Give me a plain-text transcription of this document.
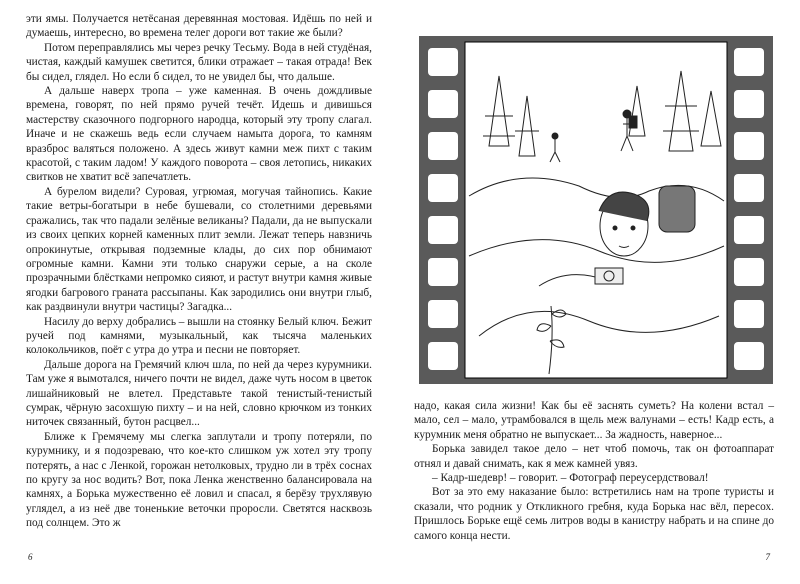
эти ямы. Получается нетёсаная деревянная мостовая. Идёшь по ней и думаешь, интересно, во времена телег дороги вот такие же были?

Потом переправлялись мы через речку Тесьму. Вода в ней студёная, чистая, каждый камушек светится, блики отражает – такая отрада! Век бы сидел, глядел. Но если б сидел, то не увидел бы, что дальше.

А дальше наверх тропа – уже каменная. В очень дождливые времена, говорят, по ней прямо ручей течёт. Идешь и дивишься мастерству сказочного подгорного народца, который эту тропу слагал. Иначе и не скажешь ведь если случаем намыта дорога, то камням вразброс валяться положено. А здесь живут камни меж пихт с таким красотой, с таким ладом! У каждого поворота – своя летопись, никаких свитков не хватит всё запечатлеть.

А бурелом видели? Суровая, угрюмая, могучая тайнопись. Какие такие ветры-богатыри в небе бушевали, со столетними деревьями сражались, так что падали зелёные великаны? Падали, да не выпускали из своих цепких корней каменных плит земли. Лежат теперь навзничь опрокинутые, открывая подземные клады, до сих пор обнимают огромные камни. Камни эти только снаружи серые, а на сколе прозрачными блёстками непромко сияют, и растут внутри камня живые ягодки багрового граната рассыпаны. Как зародились они внутри глыб, как раздвинули внутри частицы? Загадка...

Насилу до верху добрались – вышли на стоянку Белый ключ. Бежит ручей под камнями, музыкальный, как тысяча маленьких колокольчиков, поёт с утра до утра и песни не повторяет.

Дальше дорога на Гремячий ключ шла, по ней да через курумники. Там уже я вымотался, ничего почти не видел, даже чуть носом в цветок лишайниковый не влетел. Представьте такой тенистый-тенистый сумрак, чёрную засохшую пихту – и на ней, словно крючком из тонких ниточек связанный, бутон расцвел...

Ближе к Гремячему мы слегка заплутали и тропу потеряли, по курумнику, и я подозреваю, что кое-кто слишком уж хотел эту тропу потерять, а нас с Ленкой, горожан нетолковых, трудно ли в трёх соснах по кругу за нос водить? Вот, пока Ленка женственно балансировала на камнях, а Борька мужественно её ловил и спасал, я берёзу трухлявую углядел, а из неё две тоненькие веточки проросли. Светятся насквозь под солнцем. Это ж

6

надо, какая сила жизни! Как бы её заснять суметь? На колени встал – мало, сел – мало, утрамбовался в щель меж валунами – есть! Кадр есть, а курумник меня обратно не выпускает... За жадность, наверное...

Борька завидел такое дело – нет чтоб помочь, так он фотоаппарат отнял и давай снимать, как я меж камней увяз.

– Кадр-шедевр! – говорит. – Фотограф переусердствовал!

Вот за это ему наказание было: встретились нам на тропе туристы и сказали, что родник у Откликного гребня, куда Борька нас вёл, пересох. Пришлось Борьке ещё семь литров воды в канистру набрать и на спине до самого конца нести.

7
